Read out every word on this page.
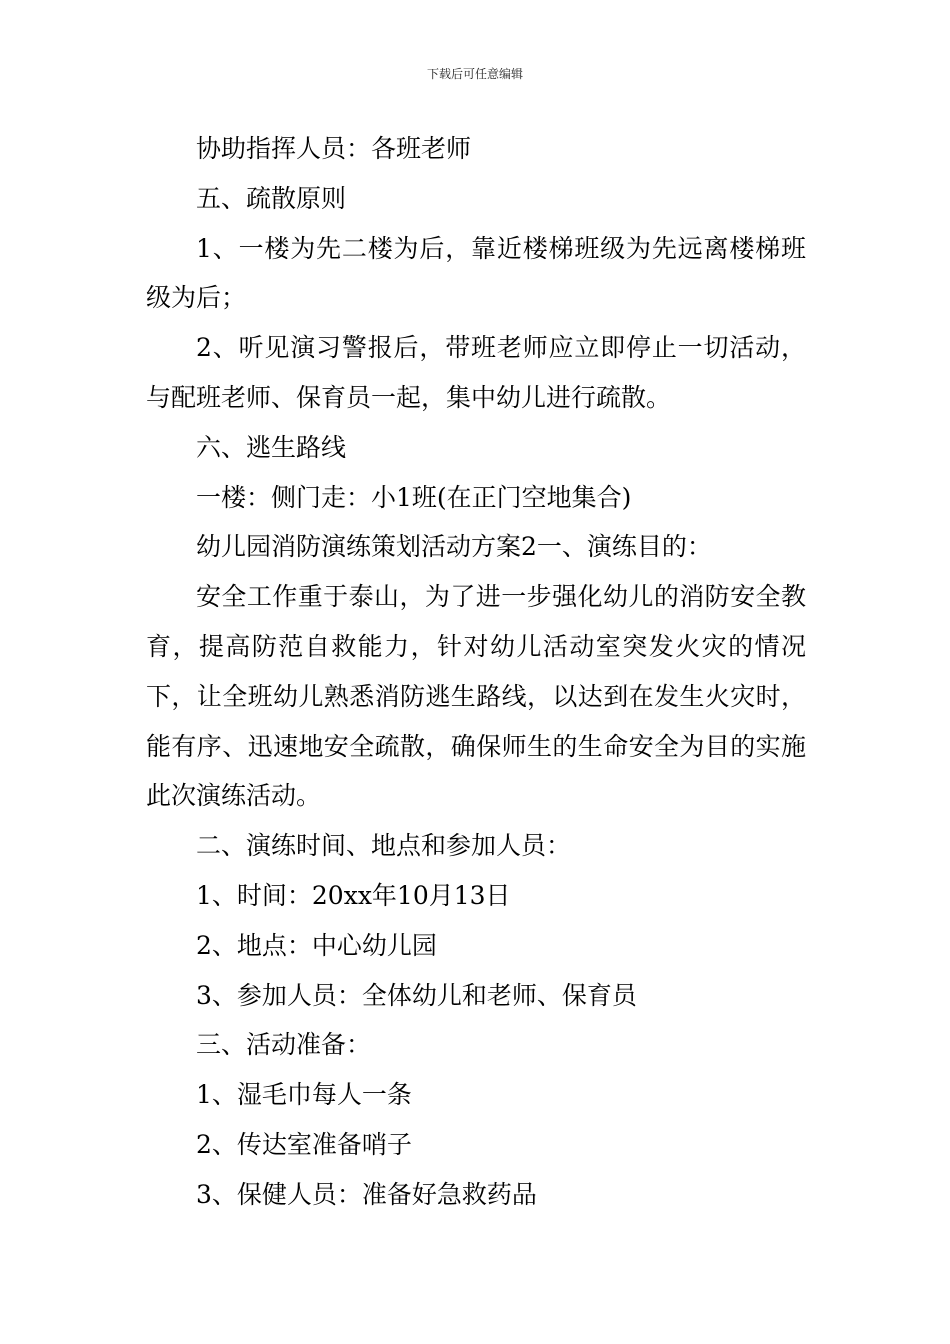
下载后可任意编辑

协助指挥人员：各班老师

五、疏散原则

1、一楼为先二楼为后，靠近楼梯班级为先远离楼梯班级为后；

2、听见演习警报后，带班老师应立即停止一切活动，与配班老师、保育员一起，集中幼儿进行疏散。

六、逃生路线

一楼：侧门走：小1班(在正门空地集合)

幼儿园消防演练策划活动方案2一、演练目的：

安全工作重于泰山，为了进一步强化幼儿的消防安全教育，提高防范自救能力，针对幼儿活动室突发火灾的情况下，让全班幼儿熟悉消防逃生路线，以达到在发生火灾时，能有序、迅速地安全疏散，确保师生的生命安全为目的实施此次演练活动。

二、演练时间、地点和参加人员：

1、时间：20xx年10月13日

2、地点：中心幼儿园

3、参加人员：全体幼儿和老师、保育员

三、活动准备：

1、湿毛巾每人一条

2、传达室准备哨子

3、保健人员：准备好急救药品
